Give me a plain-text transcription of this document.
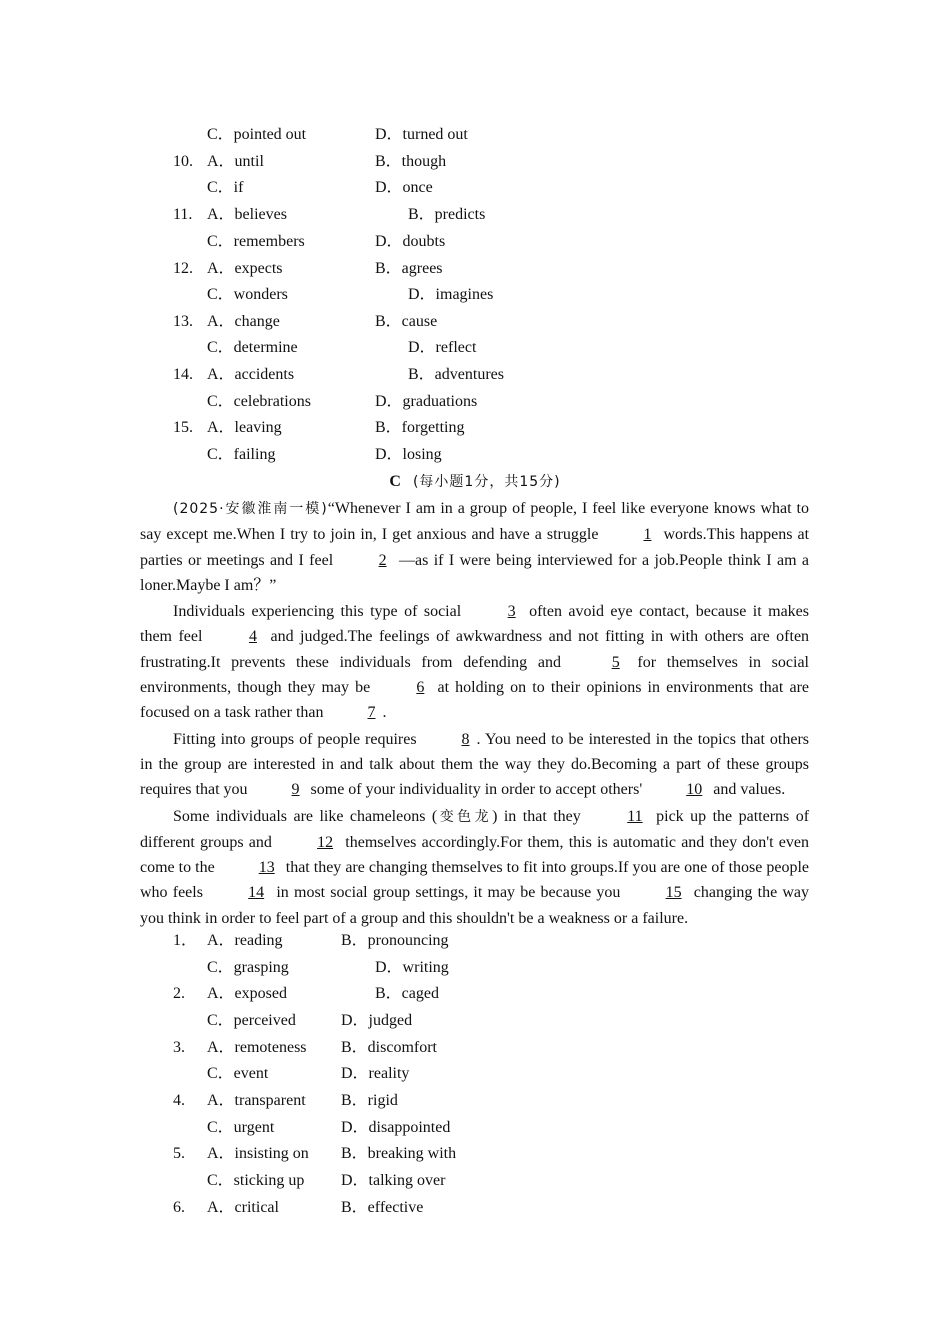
C．pointed out	D．turned out
10. A．until	B．though
C．if	D．once
11. A．believes	B．predicts
C．remembers	D．doubts
12. A．expects	B．agrees
C．wonders	D．imagines
13. A．change	B．cause
C．determine	D．reflect
14. A．accidents	B．adventures
C．celebrations	D．graduations
15. A．leaving	B．forgetting
C．failing	D．losing
C (每小题1分，共15分)

(2025·安徽淮南一模)“Whenever I am in a group of people, I feel like everyone knows what to say except me.When I try to join in, I get anxious and have a struggle	1 words.This happens at parties or meetings and I feel	2 —as if I were being interviewed for a job.People think I am a loner.Maybe I am？”

Individuals experiencing this type of social	3 often avoid eye contact, because it makes them feel	4 and judged.The feelings of awkwardness and not fitting in with others are often frustrating.It prevents these individuals from defending and	5 for themselves in social environments, though they may be	6 at holding on to their opinions in environments that are focused on a task rather than	7 .

Fitting into groups of people requires	8 . You need to be interested in the topics that others in the group are interested in and talk about them the way they do.Becoming a part of these groups requires that you	9 some of your individuality in order to accept others'	10 and values.

Some individuals are like chameleons (变色龙) in that they	11 pick up the patterns of different groups and	12 themselves accordingly.For them, this is automatic and they don't even come to the	13 that they are changing themselves to fit into groups.If you are one of those people who feels	14 in most social group settings, it may be because you	15 changing the way you think in order to feel part of a group and this shouldn't be a weakness or a failure.

1． A．reading	B．pronouncing
C．grasping	D．writing
2. A．exposed	B．caged
C．perceived	D．judged
3. A．remoteness B．discomfort
C．event	D．reality
4. A．transparent B．rigid
C．urgent	D．disappointed
5. A．insisting on B．breaking with
C．sticking up D．talking over
6. A．critical	B．effective
